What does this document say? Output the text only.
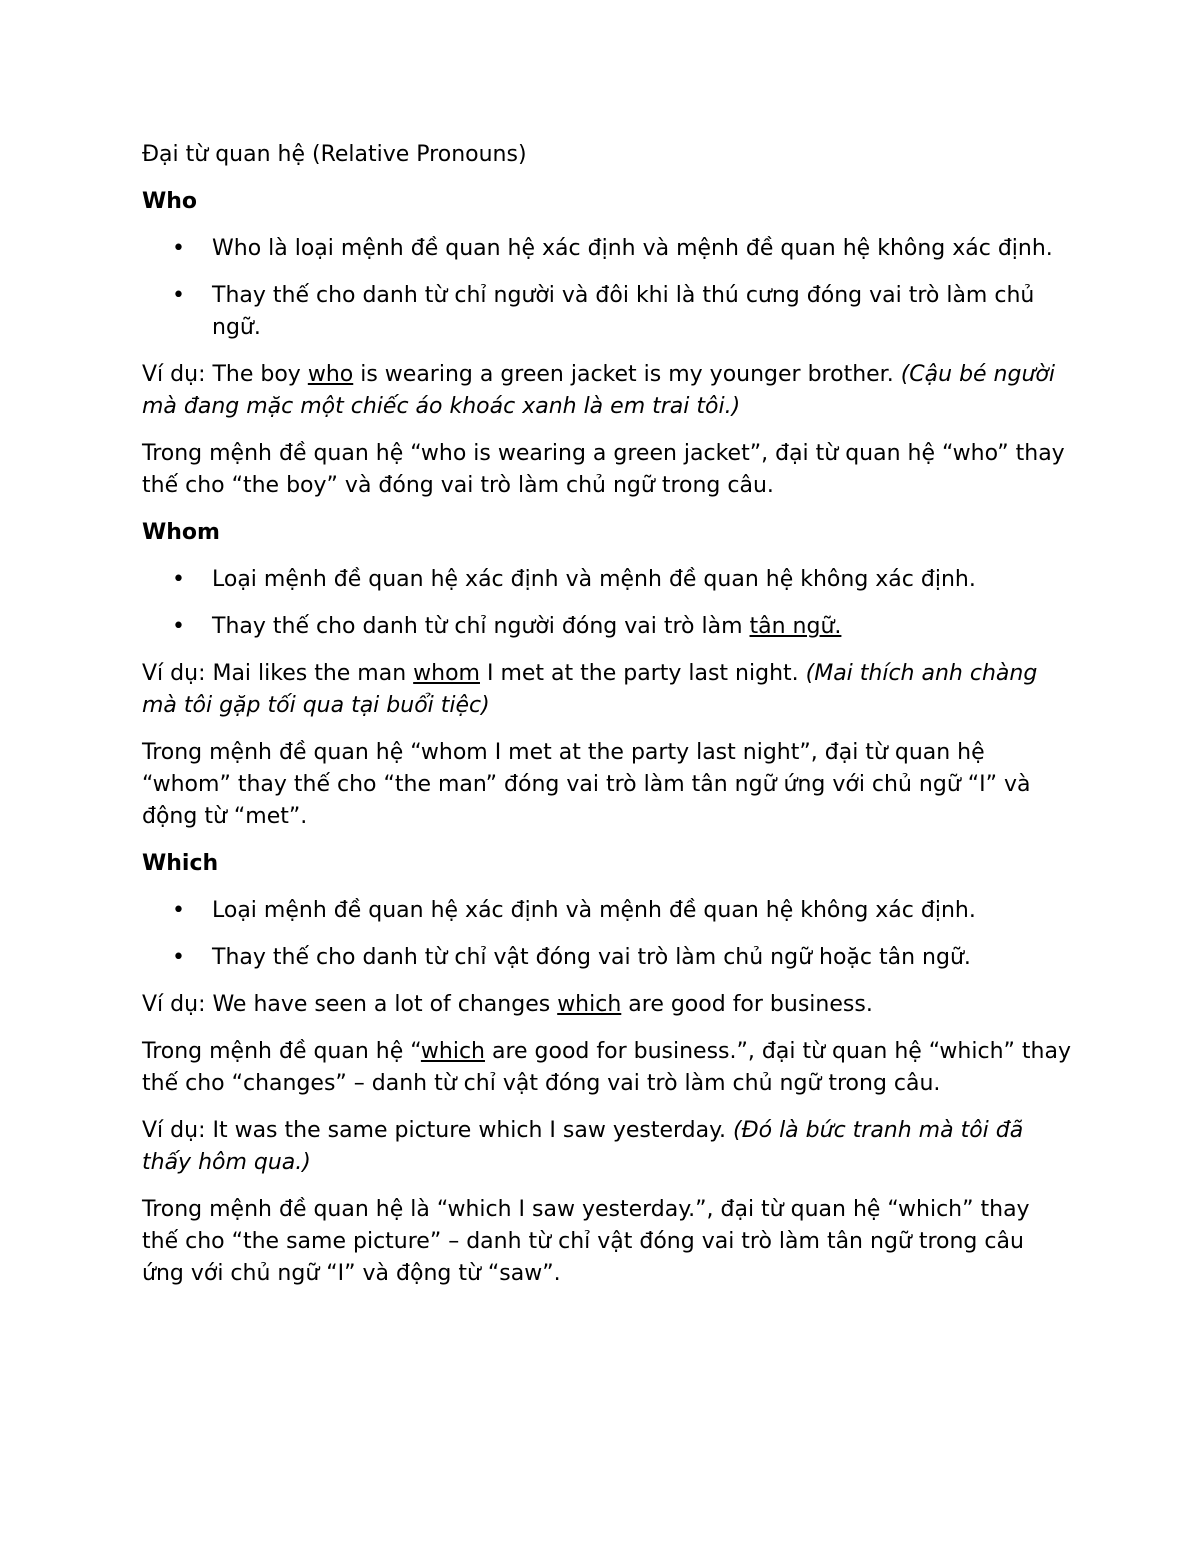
Đại từ quan hệ (Relative Pronouns)

Who

• Who là loại mệnh đề quan hệ xác định và mệnh đề quan hệ không xác định.
• Thay thế cho danh từ chỉ người và đôi khi là thú cưng đóng vai trò làm chủ ngữ.

Ví dụ: The boy who is wearing a green jacket is my younger brother. (Cậu bé người mà đang mặc một chiếc áo khoác xanh là em trai tôi.)

Trong mệnh đề quan hệ “who is wearing a green jacket”, đại từ quan hệ “who” thay thế cho “the boy” và đóng vai trò làm chủ ngữ trong câu.

Whom

• Loại mệnh đề quan hệ xác định và mệnh đề quan hệ không xác định.
• Thay thế cho danh từ chỉ người đóng vai trò làm tân ngữ.

Ví dụ: Mai likes the man whom I met at the party last night. (Mai thích anh chàng mà tôi gặp tối qua tại buổi tiệc)

Trong mệnh đề quan hệ “whom I met at the party last night”, đại từ quan hệ “whom” thay thế cho “the man” đóng vai trò làm tân ngữ ứng với chủ ngữ “I” và động từ “met”.

Which

• Loại mệnh đề quan hệ xác định và mệnh đề quan hệ không xác định.
• Thay thế cho danh từ chỉ vật đóng vai trò làm chủ ngữ hoặc tân ngữ.

Ví dụ: We have seen a lot of changes which are good for business.

Trong mệnh đề quan hệ “which are good for business.”, đại từ quan hệ “which” thay thế cho “changes” – danh từ chỉ vật đóng vai trò làm chủ ngữ trong câu.

Ví dụ: It was the same picture which I saw yesterday. (Đó là bức tranh mà tôi đã thấy hôm qua.)

Trong mệnh đề quan hệ là “which I saw yesterday.”, đại từ quan hệ “which” thay thế cho “the same picture” – danh từ chỉ vật đóng vai trò làm tân ngữ trong câu ứng với chủ ngữ “I” và động từ “saw”.
